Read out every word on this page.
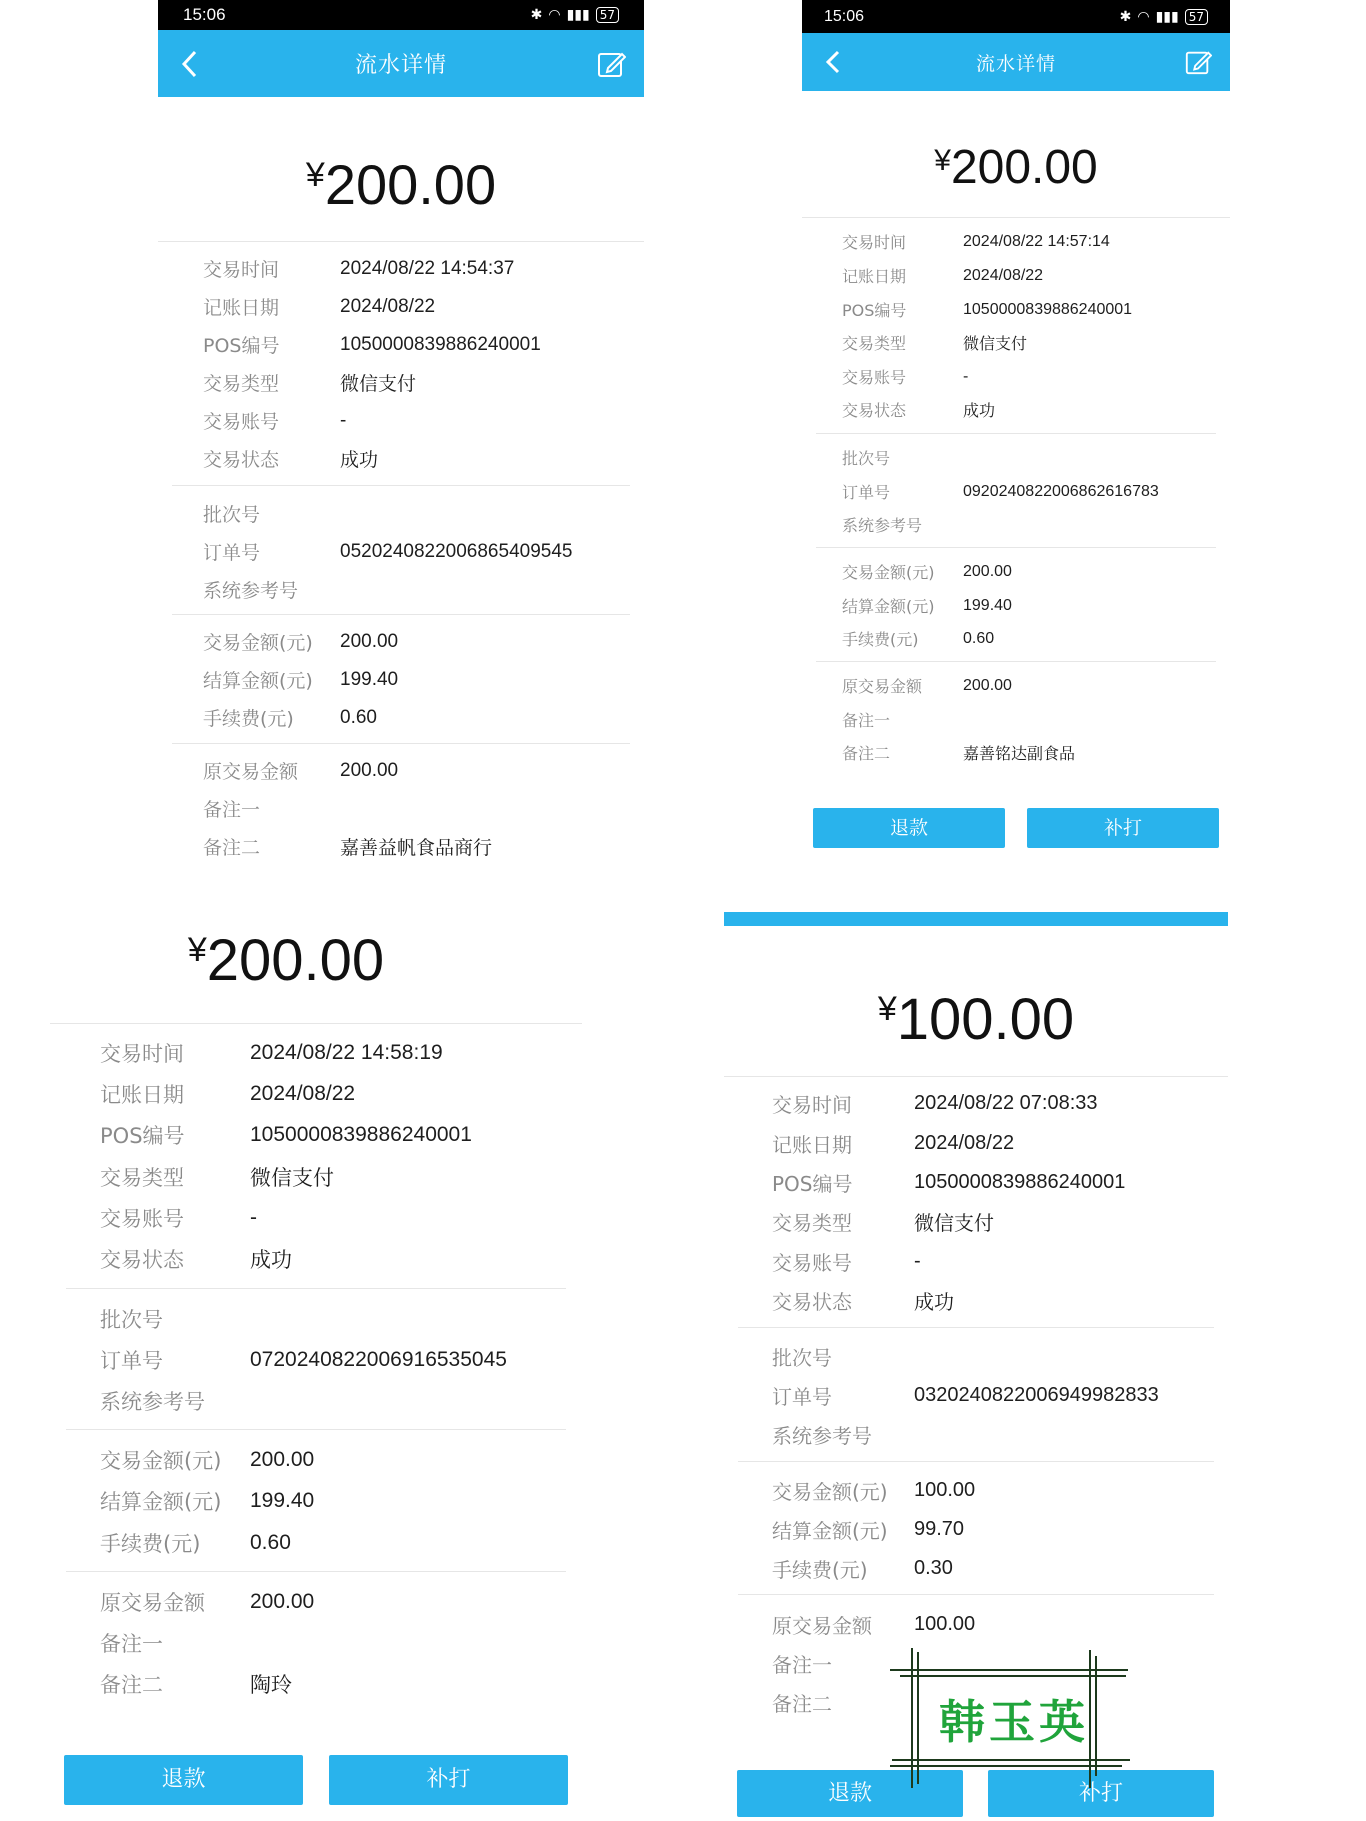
15:06	✱ ◠ ▮▮▮ 57
流水详情
¥200.00
交易时间	2024/08/22 14:54:37
记账日期	2024/08/22
POS编号	1050000839886240001
交易类型	微信支付
交易账号	-
交易状态	成功
批次号
订单号	052024082200686540954​5
系统参考号
交易金额(元)	200.00
结算金额(元)	199.40
手续费(元)	0.60
原交易金额	200.00
备注一
备注二	嘉善益帆食品商行
15:06	✱ ◠ ▮▮▮ 57
流水详情
¥200.00
交易时间	2024/08/22 14:57:14
记账日期	2024/08/22
POS编号	1050000839886240001
交易类型	微信支付
交易账号	-
交易状态	成功
批次号
订单号	092024082200686261678​3
系统参考号
交易金额(元)	200.00
结算金额(元)	199.40
手续费(元)	0.60
原交易金额	200.00
备注一
备注二	嘉善铭达副食品
退款	补打
¥200.00
交易时间	2024/08/22 14:58:19
记账日期	2024/08/22
POS编号	1050000839886240001
交易类型	微信支付
交易账号	-
交易状态	成功
批次号
订单号	072024082200691653504​5
系统参考号
交易金额(元)	200.00
结算金额(元)	199.40
手续费(元)	0.60
原交易金额	200.00
备注一
备注二	陶玲
退款	补打
¥100.00
交易时间	2024/08/22 07:08:33
记账日期	2024/08/22
POS编号	1050000839886240001
交易类型	微信支付
交易账号	-
交易状态	成功
批次号
订单号	032024082200694998283​3
系统参考号
交易金额(元)	100.00
结算金额(元)	99.70
手续费(元)	0.30
原交易金额	100.00
备注一
备注二
退款	补打
韩玉英
